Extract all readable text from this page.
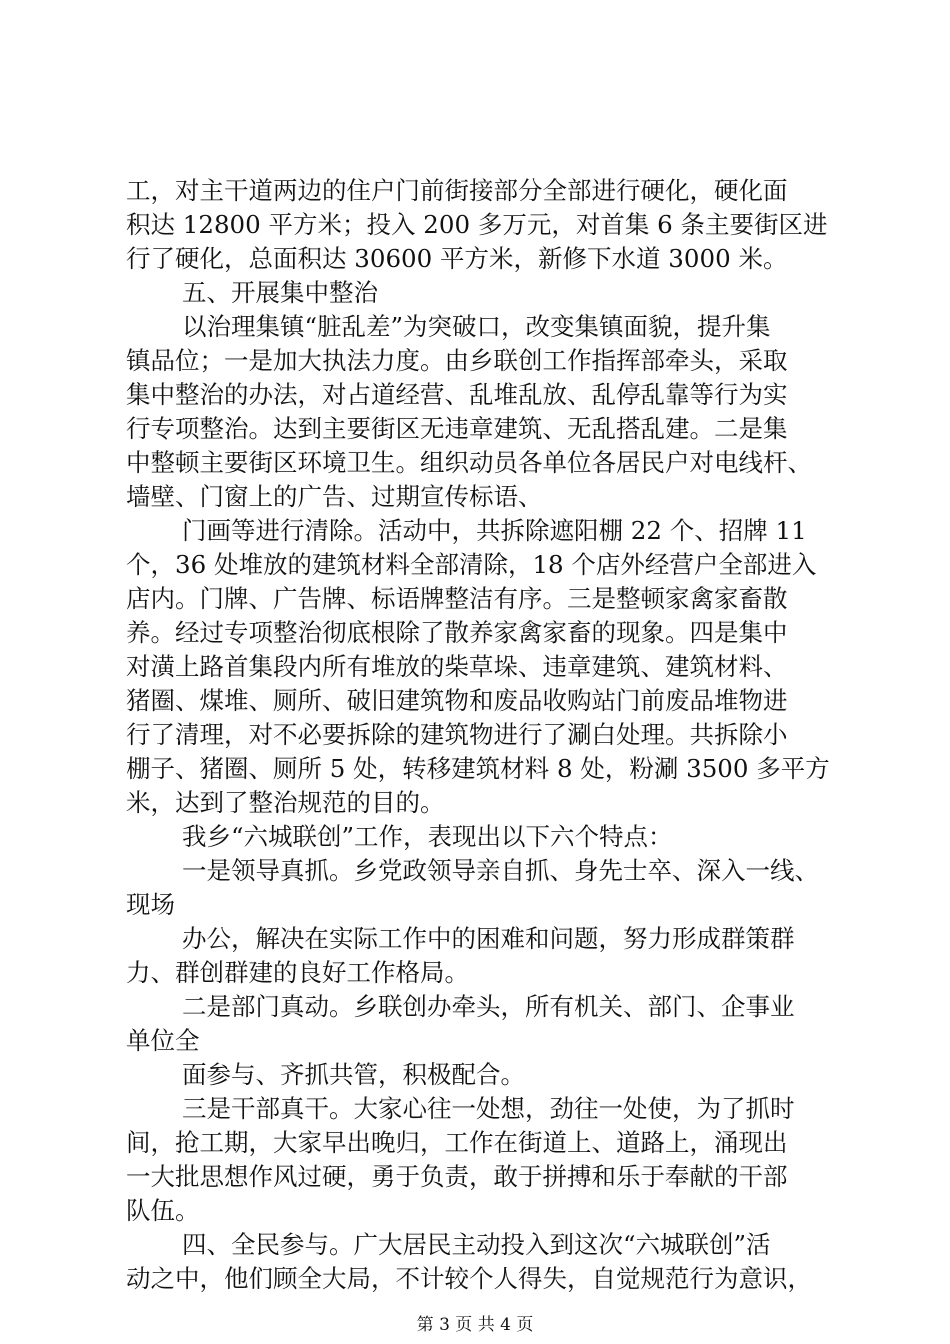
工，对主干道两边的住户门前街接部分全部进行硬化，硬化面
积达 12800 平方米；投入 200 多万元，对首集 6 条主要街区进
行了硬化，总面积达 30600 平方米，新修下水道 3000 米。
五、开展集中整治
以治理集镇“脏乱差”为突破口，改变集镇面貌，提升集
镇品位；一是加大执法力度。由乡联创工作指挥部牵头，采取
集中整治的办法，对占道经营、乱堆乱放、乱停乱靠等行为实
行专项整治。达到主要街区无违章建筑、无乱搭乱建。二是集
中整顿主要街区环境卫生。组织动员各单位各居民户对电线杆、
墙壁、门窗上的广告、过期宣传标语、
门画等进行清除。活动中，共拆除遮阳棚 22 个、招牌 11
个，36 处堆放的建筑材料全部清除，18 个店外经营户全部进入
店内。门牌、广告牌、标语牌整洁有序。三是整顿家禽家畜散
养。经过专项整治彻底根除了散养家禽家畜的现象。四是集中
对潢上路首集段内所有堆放的柴草垛、违章建筑、建筑材料、
猪圈、煤堆、厕所、破旧建筑物和废品收购站门前废品堆物进
行了清理，对不必要拆除的建筑物进行了涮白处理。共拆除小
棚子、猪圈、厕所 5 处，转移建筑材料 8 处，粉涮 3500 多平方
米，达到了整治规范的目的。
我乡“六城联创”工作，表现出以下六个特点：
一是领导真抓。乡党政领导亲自抓、身先士卒、深入一线、
现场
办公，解决在实际工作中的困难和问题，努力形成群策群
力、群创群建的良好工作格局。
二是部门真动。乡联创办牵头，所有机关、部门、企事业
单位全
面参与、齐抓共管，积极配合。
三是干部真干。大家心往一处想，劲往一处使，为了抓时
间，抢工期，大家早出晚归，工作在街道上、道路上，涌现出
一大批思想作风过硬，勇于负责，敢于拼搏和乐于奉献的干部
队伍。
四、全民参与。广大居民主动投入到这次“六城联创”活
动之中，他们顾全大局，不计较个人得失，自觉规范行为意识，
第 3 页 共 4 页
